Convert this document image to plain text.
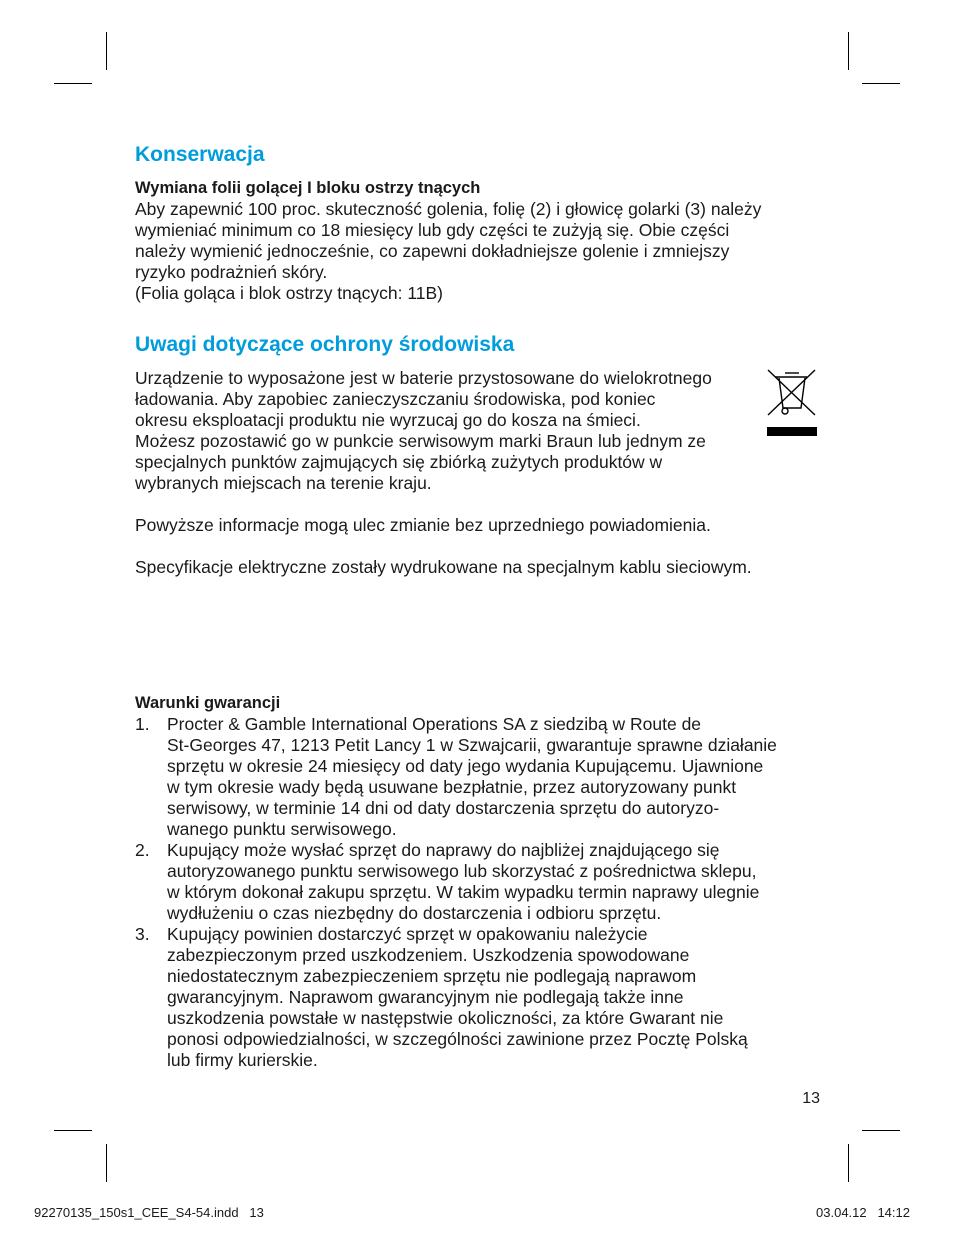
Konserwacja

Wymiana folii golącej I bloku ostrzy tnących

Aby zapewnić 100 proc. skuteczność golenia, folię (2) i głowicę golarki (3) należy
wymieniać minimum co 18 miesięcy lub gdy części te zużyją się. Obie części
należy wymienić jednocześnie, co zapewni dokładniejsze golenie i zmniejszy
ryzyko podrażnień skóry.
(Folia goląca i blok ostrzy tnących: 11B)

Uwagi dotyczące ochrony środowiska

Urządzenie to wyposażone jest w baterie przystosowane do wielokrotnego
ładowania. Aby zapobiec zanieczyszczaniu środowiska, pod koniec
okresu eksploatacji produktu nie wyrzucaj go do kosza na śmieci.
Możesz pozostawić go w punkcie serwisowym marki Braun lub jednym ze
specjalnych punktów zajmujących się zbiórką zużytych produktów w
wybranych miejscach na terenie kraju.

Powyższe informacje mogą ulec zmianie bez uprzedniego powiadomienia.

Specyfikacje elektryczne zostały wydrukowane na specjalnym kablu sieciowym.

Warunki gwarancji

1. Procter & Gamble International Operations SA z siedzibą w Route de
St-Georges 47, 1213 Petit Lancy 1 w Szwajcarii, gwarantuje sprawne działanie
sprzętu w okresie 24 miesięcy od daty jego wydania Kupującemu. Ujawnione
w tym okresie wady będą usuwane bezpłatnie, przez autoryzowany punkt
serwisowy, w terminie 14 dni od daty dostarczenia sprzętu do autoryzo-
wanego punktu serwisowego.
2. Kupujący może wysłać sprzęt do naprawy do najbliżej znajdującego się
autoryzowanego punktu serwisowego lub skorzystać z pośrednictwa sklepu,
w którym dokonał zakupu sprzętu. W takim wypadku termin naprawy ulegnie
wydłużeniu o czas niezbędny do dostarczenia i odbioru sprzętu.
3. Kupujący powinien dostarczyć sprzęt w opakowaniu należycie
zabezpieczonym przed uszkodzeniem. Uszkodzenia spowodowane
niedostatecznym zabezpieczeniem sprzętu nie podlegają naprawom
gwarancyjnym. Naprawom gwarancyjnym nie podlegają także inne
uszkodzenia powstałe w następstwie okoliczności, za które Gwarant nie
ponosi odpowiedzialności, w szczególności zawinione przez Pocztę Polską
lub firmy kurierskie.
13
92270135_150s1_CEE_S4-54.indd   13	03.04.12   14:12
